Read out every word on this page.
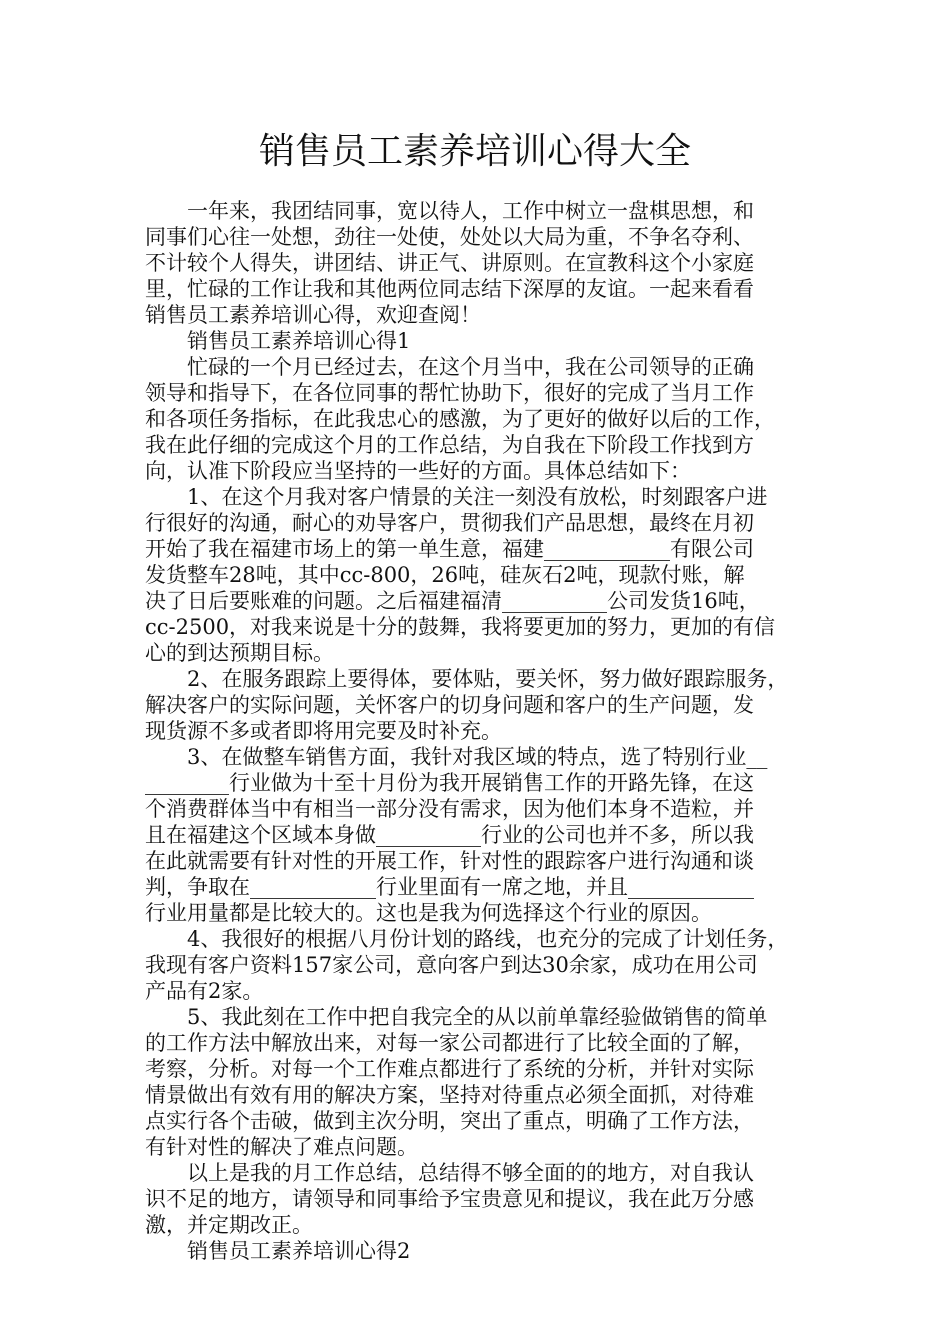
销售员工素养培训心得大全
一年来，我团结同事，宽以待人，工作中树立一盘棋思想，和
同事们心往一处想，劲往一处使，处处以大局为重，不争名夺利、
不计较个人得失，讲团结、讲正气、讲原则。在宣教科这个小家庭
里，忙碌的工作让我和其他两位同志结下深厚的友谊。一起来看看
销售员工素养培训心得，欢迎查阅！
销售员工素养培训心得1
忙碌的一个月已经过去，在这个月当中，我在公司领导的正确
领导和指导下，在各位同事的帮忙协助下，很好的完成了当月工作
和各项任务指标，在此我忠心的感激，为了更好的做好以后的工作，
我在此仔细的完成这个月的工作总结，为自我在下阶段工作找到方
向，认准下阶段应当坚持的一些好的方面。具体总结如下：
1、在这个月我对客户情景的关注一刻没有放松，时刻跟客户进
行很好的沟通，耐心的劝导客户，贯彻我们产品思想，最终在月初
开始了我在福建市场上的第一单生意，福建____________有限公司
发货整车28吨，其中cc-800，26吨，硅灰石2吨，现款付账，解
决了日后要账难的问题。之后福建福清__________公司发货16吨，
cc-2500，对我来说是十分的鼓舞，我将要更加的努力，更加的有信
心的到达预期目标。
2、在服务跟踪上要得体，要体贴，要关怀，努力做好跟踪服务，
解决客户的实际问题，关怀客户的切身问题和客户的生产问题，发
现货源不多或者即将用完要及时补充。
3、在做整车销售方面，我针对我区域的特点，选了特别行业__
________行业做为十至十月份为我开展销售工作的开路先锋，在这
个消费群体当中有相当一部分没有需求，因为他们本身不造粒，并
且在福建这个区域本身做__________行业的公司也并不多，所以我
在此就需要有针对性的开展工作，针对性的跟踪客户进行沟通和谈
判，争取在____________行业里面有一席之地，并且____________
行业用量都是比较大的。这也是我为何选择这个行业的原因。
4、我很好的根据八月份计划的路线，也充分的完成了计划任务，
我现有客户资料157家公司，意向客户到达30余家，成功在用公司
产品有2家。
5、我此刻在工作中把自我完全的从以前单靠经验做销售的简单
的工作方法中解放出来，对每一家公司都进行了比较全面的了解，
考察，分析。对每一个工作难点都进行了系统的分析，并针对实际
情景做出有效有用的解决方案，坚持对待重点必须全面抓，对待难
点实行各个击破，做到主次分明，突出了重点，明确了工作方法，
有针对性的解决了难点问题。
以上是我的月工作总结，总结得不够全面的的地方，对自我认
识不足的地方，请领导和同事给予宝贵意见和提议，我在此万分感
激，并定期改正。
销售员工素养培训心得2
